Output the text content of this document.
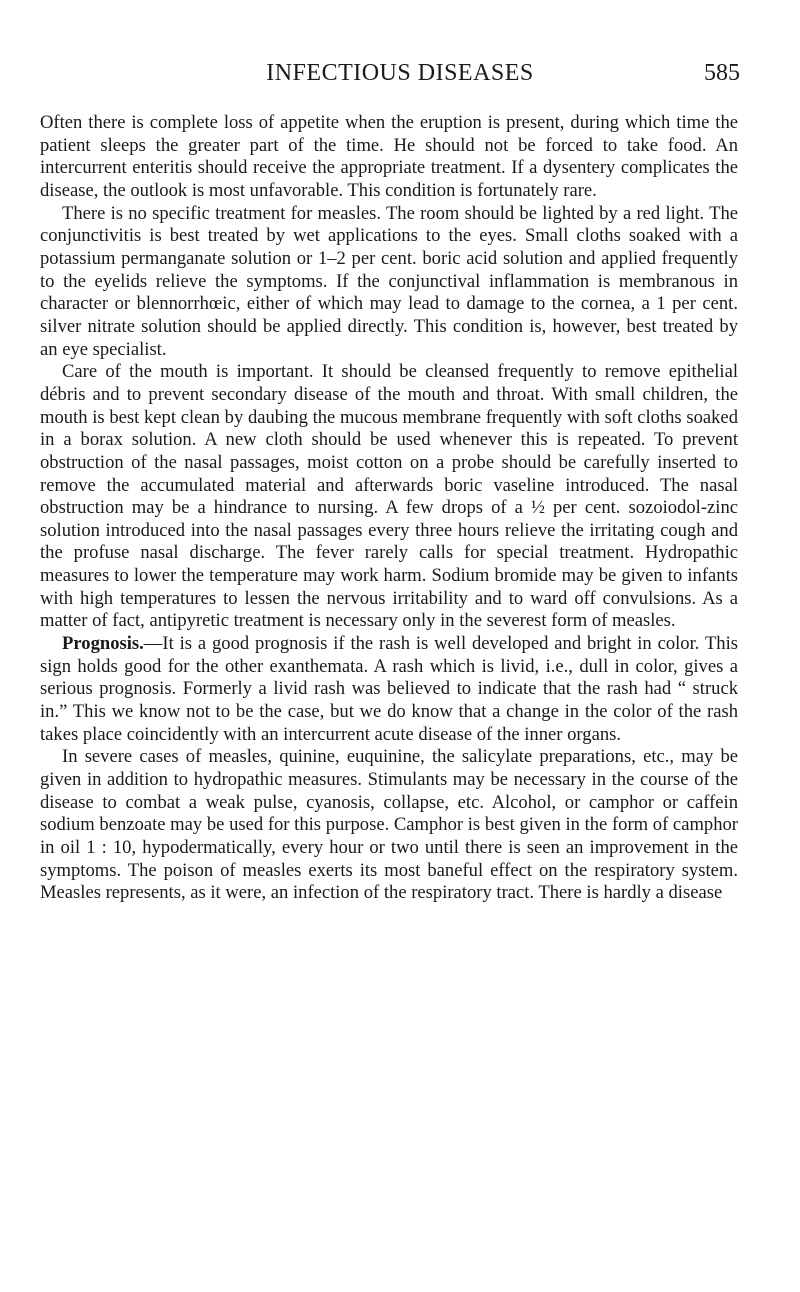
INFECTIOUS DISEASES	585

Often there is complete loss of appetite when the eruption is present, during which time the patient sleeps the greater part of the time. He should not be forced to take food. An intercurrent enteritis should receive the appropriate treatment. If a dysentery complicates the disease, the outlook is most unfavorable. This condition is fortunately rare.

There is no specific treatment for measles. The room should be lighted by a red light. The conjunctivitis is best treated by wet applications to the eyes. Small cloths soaked with a potassium permanganate solution or 1–2 per cent. boric acid solution and applied frequently to the eyelids relieve the symptoms. If the conjunctival inflammation is membranous in character or blennorrhœic, either of which may lead to damage to the cornea, a 1 per cent. silver nitrate solution should be applied directly. This condition is, however, best treated by an eye specialist.

Care of the mouth is important. It should be cleansed frequently to remove epithelial débris and to prevent secondary disease of the mouth and throat. With small children, the mouth is best kept clean by daubing the mucous membrane frequently with soft cloths soaked in a borax solution. A new cloth should be used whenever this is repeated. To prevent obstruction of the nasal passages, moist cotton on a probe should be carefully inserted to remove the accumulated material and afterwards boric vaseline introduced. The nasal obstruction may be a hindrance to nursing. A few drops of a ½ per cent. sozoiodol-zinc solution introduced into the nasal passages every three hours relieve the irritating cough and the profuse nasal discharge. The fever rarely calls for special treatment. Hydropathic measures to lower the temperature may work harm. Sodium bromide may be given to infants with high temperatures to lessen the nervous irritability and to ward off convulsions. As a matter of fact, antipyretic treatment is necessary only in the severest form of measles.

Prognosis.—It is a good prognosis if the rash is well developed and bright in color. This sign holds good for the other exanthemata. A rash which is livid, i.e., dull in color, gives a serious prognosis. Formerly a livid rash was believed to indicate that the rash had “ struck in.” This we know not to be the case, but we do know that a change in the color of the rash takes place coincidently with an intercurrent acute disease of the inner organs.

In severe cases of measles, quinine, euquinine, the salicylate preparations, etc., may be given in addition to hydropathic measures. Stimulants may be necessary in the course of the disease to combat a weak pulse, cyanosis, collapse, etc. Alcohol, or camphor or caffein sodium benzoate may be used for this purpose. Camphor is best given in the form of camphor in oil 1 : 10, hypodermatically, every hour or two until there is seen an improvement in the symptoms. The poison of measles exerts its most baneful effect on the respiratory system. Measles represents, as it were, an infection of the respiratory tract. There is hardly a disease
